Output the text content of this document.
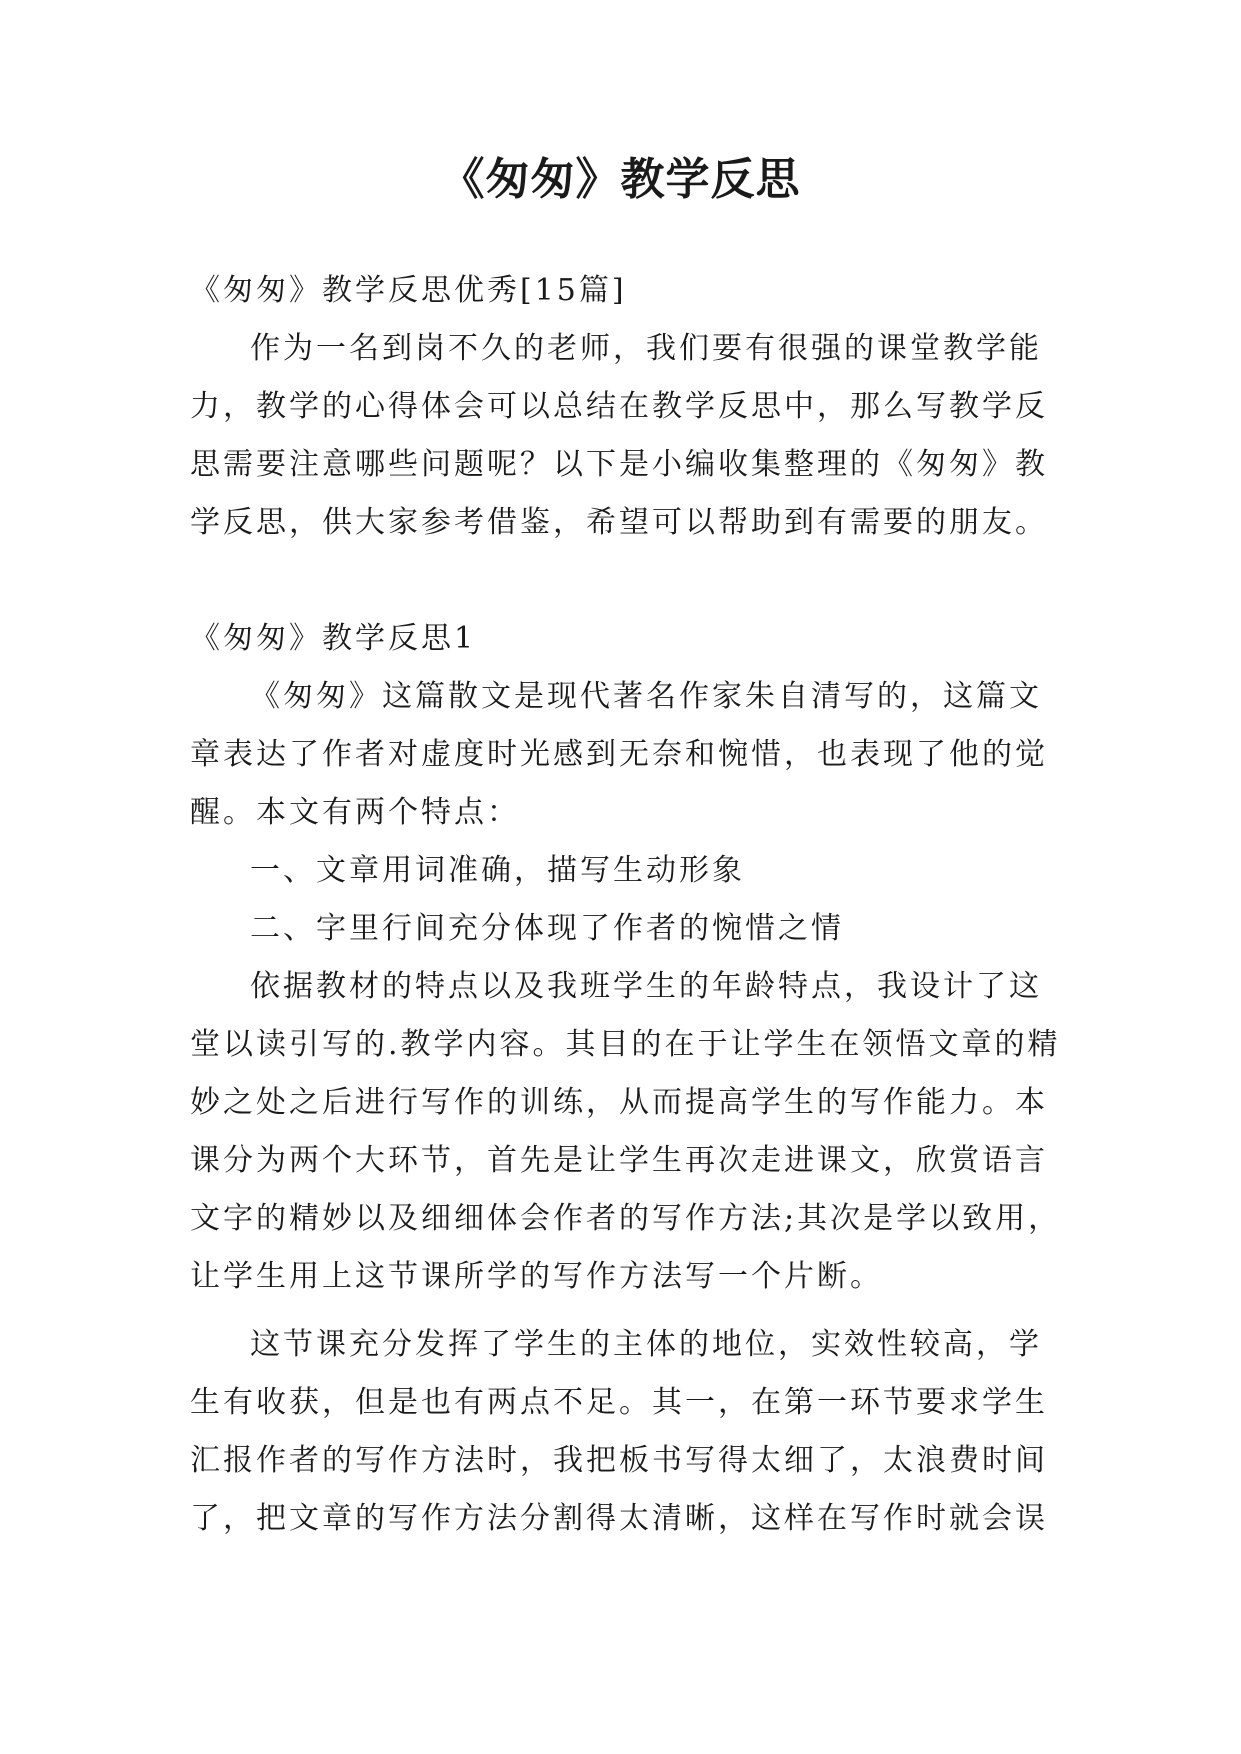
《匆匆》教学反思

《匆匆》教学反思优秀[15篇]

作为一名到岗不久的老师，我们要有很强的课堂教学能力，教学的心得体会可以总结在教学反思中，那么写教学反思需要注意哪些问题呢？以下是小编收集整理的《匆匆》教学反思，供大家参考借鉴，希望可以帮助到有需要的朋友。

《匆匆》教学反思1

《匆匆》这篇散文是现代著名作家朱自清写的，这篇文章表达了作者对虚度时光感到无奈和惋惜，也表现了他的觉醒。本文有两个特点：

一、文章用词准确，描写生动形象

二、字里行间充分体现了作者的惋惜之情

依据教材的特点以及我班学生的年龄特点，我设计了这堂以读引写的.教学内容。其目的在于让学生在领悟文章的精妙之处之后进行写作的训练，从而提高学生的写作能力。本课分为两个大环节，首先是让学生再次走进课文，欣赏语言文字的精妙以及细细体会作者的写作方法;其次是学以致用，让学生用上这节课所学的写作方法写一个片断。

这节课充分发挥了学生的主体的地位，实效性较高，学生有收获，但是也有两点不足。其一，在第一环节要求学生汇报作者的写作方法时，我把板书写得太细了，太浪费时间了，把文章的写作方法分割得太清晰，这样在写作时就会误
